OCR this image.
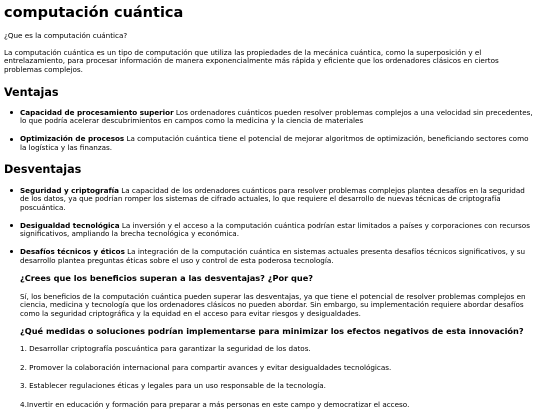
computación cuántica

¿Que es la computación cuántica?

La computación cuántica es un tipo de computación que utiliza las propiedades de la mecánica cuántica, como la superposición y el entrelazamiento, para procesar información de manera exponencialmente más rápida y eficiente que los ordenadores clásicos en ciertos problemas complejos.

Ventajas
Capacidad de procesamiento superior Los ordenadores cuánticos pueden resolver problemas complejos a una velocidad sin precedentes, lo que podría acelerar descubrimientos en campos como la medicina y la ciencia de materiales
Optimización de procesos La computación cuántica tiene el potencial de mejorar algoritmos de optimización, beneficiando sectores como la logística y las finanzas.
Desventajas
Seguridad y criptografía La capacidad de los ordenadores cuánticos para resolver problemas complejos plantea desafíos en la seguridad de los datos, ya que podrían romper los sistemas de cifrado actuales, lo que requiere el desarrollo de nuevas técnicas de criptografía poscuántica.
Desigualdad tecnológica La inversión y el acceso a la computación cuántica podrían estar limitados a países y corporaciones con recursos significativos, ampliando la brecha tecnológica y económica.
Desafíos técnicos y éticos La integración de la computación cuántica en sistemas actuales presenta desafíos técnicos significativos, y su desarrollo plantea preguntas éticas sobre el uso y control de esta poderosa tecnología.
¿Crees que los beneficios superan a las desventajas? ¿Por que?

Sí, los beneficios de la computación cuántica pueden superar las desventajas, ya que tiene el potencial de resolver problemas complejos en ciencia, medicina y tecnología que los ordenadores clásicos no pueden abordar. Sin embargo, su implementación requiere abordar desafíos como la seguridad criptográfica y la equidad en el acceso para evitar riesgos y desigualdades.

¿Qué medidas o soluciones podrían implementarse para minimizar los efectos negativos de esta innovación?

1. Desarrollar criptografía poscuántica para garantizar la seguridad de los datos.

2. Promover la colaboración internacional para compartir avances y evitar desigualdades tecnológicas.

3. Establecer regulaciones éticas y legales para un uso responsable de la tecnología.

4.Invertir en educación y formación para preparar a más personas en este campo y democratizar el acceso.
